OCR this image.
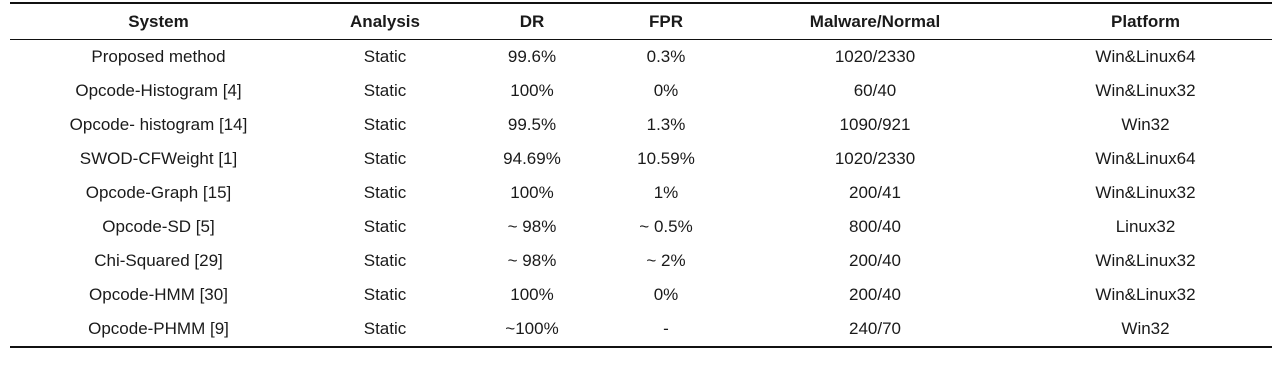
System	Analysis	DR	FPR	Malware/Normal	Platform
Proposed method	Static	99.6%	0.3%	1020/2330	Win&Linux64
Opcode-Histogram [4]	Static	100%	0%	60/40	Win&Linux32
Opcode- histogram [14]	Static	99.5%	1.3%	1090/921	Win32
SWOD-CFWeight [1]	Static	94.69%	10.59%	1020/2330	Win&Linux64
Opcode-Graph [15]	Static	100%	1%	200/41	Win&Linux32
Opcode-SD [5]	Static	~ 98%	~ 0.5%	800/40	Linux32
Chi-Squared [29]	Static	~ 98%	~ 2%	200/40	Win&Linux32
Opcode-HMM [30]	Static	100%	0%	200/40	Win&Linux32
Opcode-PHMM [9]	Static	~100%	-	240/70	Win32
